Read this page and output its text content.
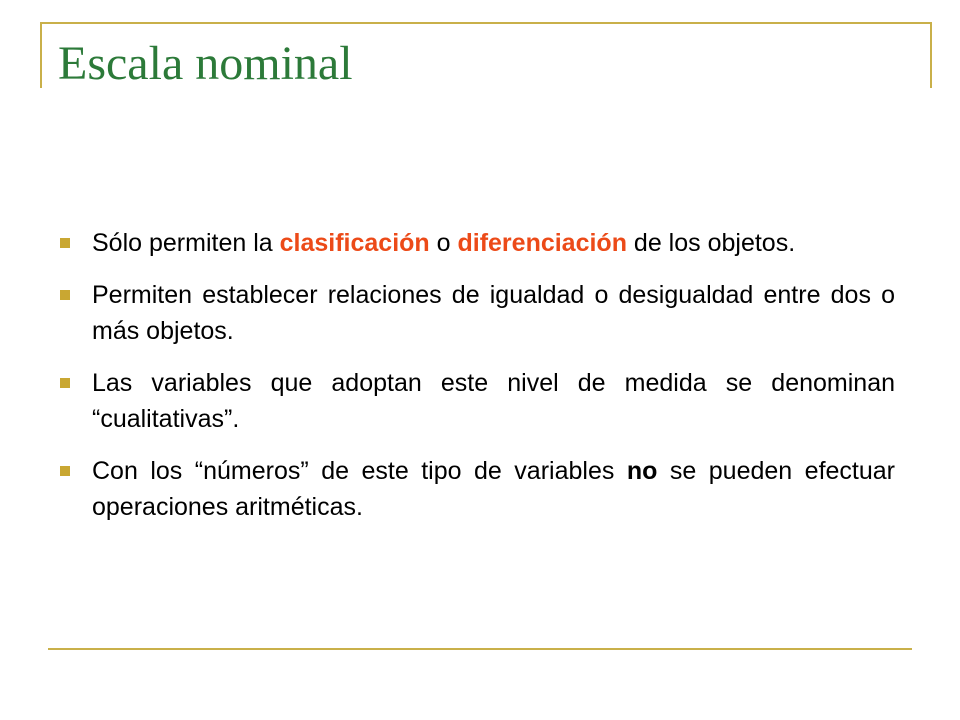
Escala nominal
Sólo permiten la clasificación o diferenciación de los objetos.
Permiten establecer relaciones de igualdad o desigualdad entre dos o más objetos.
Las variables que adoptan este nivel de medida se denominan “cualitativas”.
Con los “números” de este tipo de variables no se pueden efectuar operaciones aritméticas.
